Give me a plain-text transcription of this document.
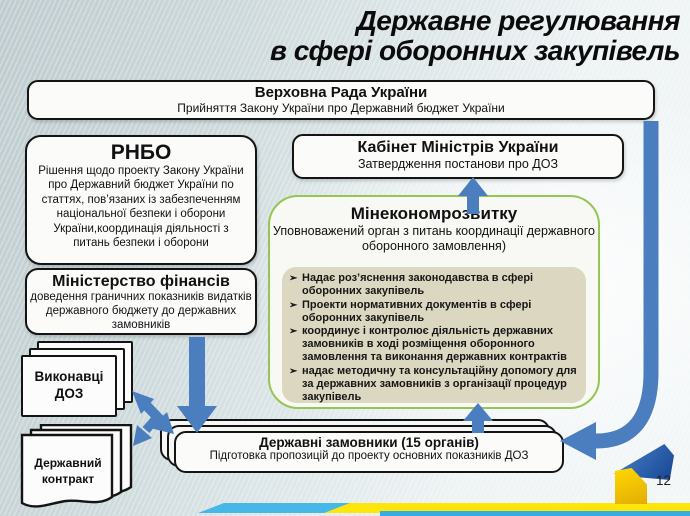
Державне регулювання
в сфері оборонних закупівель
Верховна Рада України
Прийняття Закону України про Державний бюджет України
РНБО
Рішення щодо проекту Закону України про Державний бюджет України по статтях, пов’язаних із забезпеченням національної безпеки і оборони України,координація діяльності з питань безпеки і оборони
Кабінет Міністрів України
Затвердження постанови про ДОЗ
Мінекономрозвитку
Уповноважений орган з питань координації державного оборонного замовлення)
➢ Надає роз’яснення законодавства в сфері оборонних закупівель
➢ Проекти нормативних документів в сфері оборонних закупівель
➢ координує і контролює діяльність державних замовників в ході розміщення оборонного замовлення та виконання державних контрактів
➢ надає методичну та консультаційну допомогу для за державних замовників з організації процедур закупівель
Міністерство фінансів
доведення граничних показників видатків державного бюджету до державних замовників
Виконавці ДОЗ
Державний
контракт
Державні замовники (15 органів)
Підготовка пропозицій до проекту основних показників ДОЗ
12
